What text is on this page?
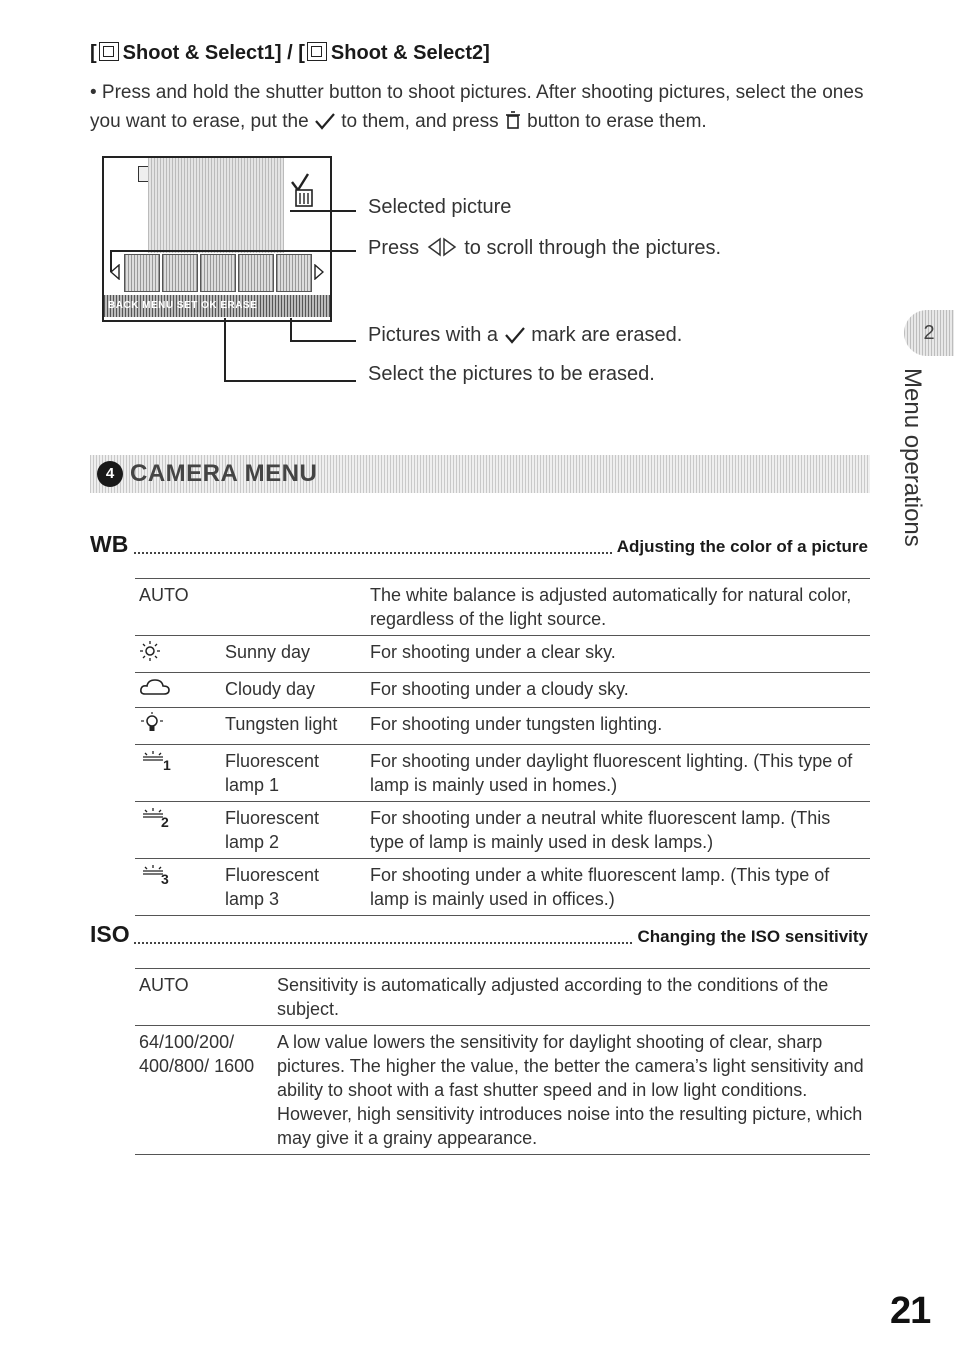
[ Shoot & Select1] / [ Shoot & Select2]
• Press and hold the shutter button to shoot pictures. After shooting pictures, select the ones you want to erase, put the to them, and press button to erase them.
BACK MENU SET OK ERASE
Selected picture
Press to scroll through the pictures.
Pictures with a mark are erased.
Select the pictures to be erased.
4 CAMERA MENU
WB	Adjusting the color of a picture
AUTO		The white balance is adjusted automatically for natural color, regardless of the light source.
	Sunny day	For shooting under a clear sky.
	Cloudy day	For shooting under a cloudy sky.
	Tungsten light	For shooting under tungsten lighting.

1	Fluorescent lamp 1	For shooting under daylight fluorescent lighting. (This type of lamp is mainly used in homes.)

2	Fluorescent lamp 2	For shooting under a neutral white fluorescent lamp. (This type of lamp is mainly used in desk lamps.)

3	Fluorescent lamp 3	For shooting under a white fluorescent lamp. (This type of lamp is mainly used in offices.)
ISO	Changing the ISO sensitivity
AUTO	Sensitivity is automatically adjusted according to the conditions of the subject.
64/100/200/ 400/800/ 1600	A low value lowers the sensitivity for daylight shooting of clear, sharp pictures. The higher the value, the better the camera’s light sensitivity and ability to shoot with a fast shutter speed and in low light conditions. However, high sensitivity introduces noise into the resulting picture, which may give it a grainy appearance.
2
Menu operations
21
